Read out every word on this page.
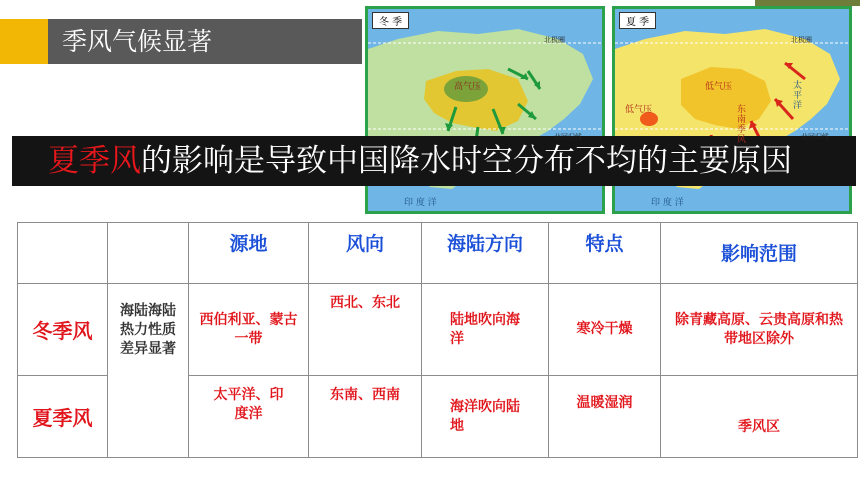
季风气候显著
冬 季
高气压
北极圈
北回归线
印 度 洋
夏 季
低气压
低气压	东南季风
太平洋
北极圈
北回归线
印 度 洋
夏季风的影响是导致中国降水时空分布不均的主要原因

		源地	风向	海陆方向	特点	影响范围

冬季风	海陆海陆热力性质差异显著	西伯利亚、蒙古一带	西北、东北	陆地吹向海洋	寒冷干燥	除青藏高原、云贵高原和热带地区除外

夏季风		太平洋、印度洋	东南、西南	海洋吹向陆地	温暖湿润	季风区
